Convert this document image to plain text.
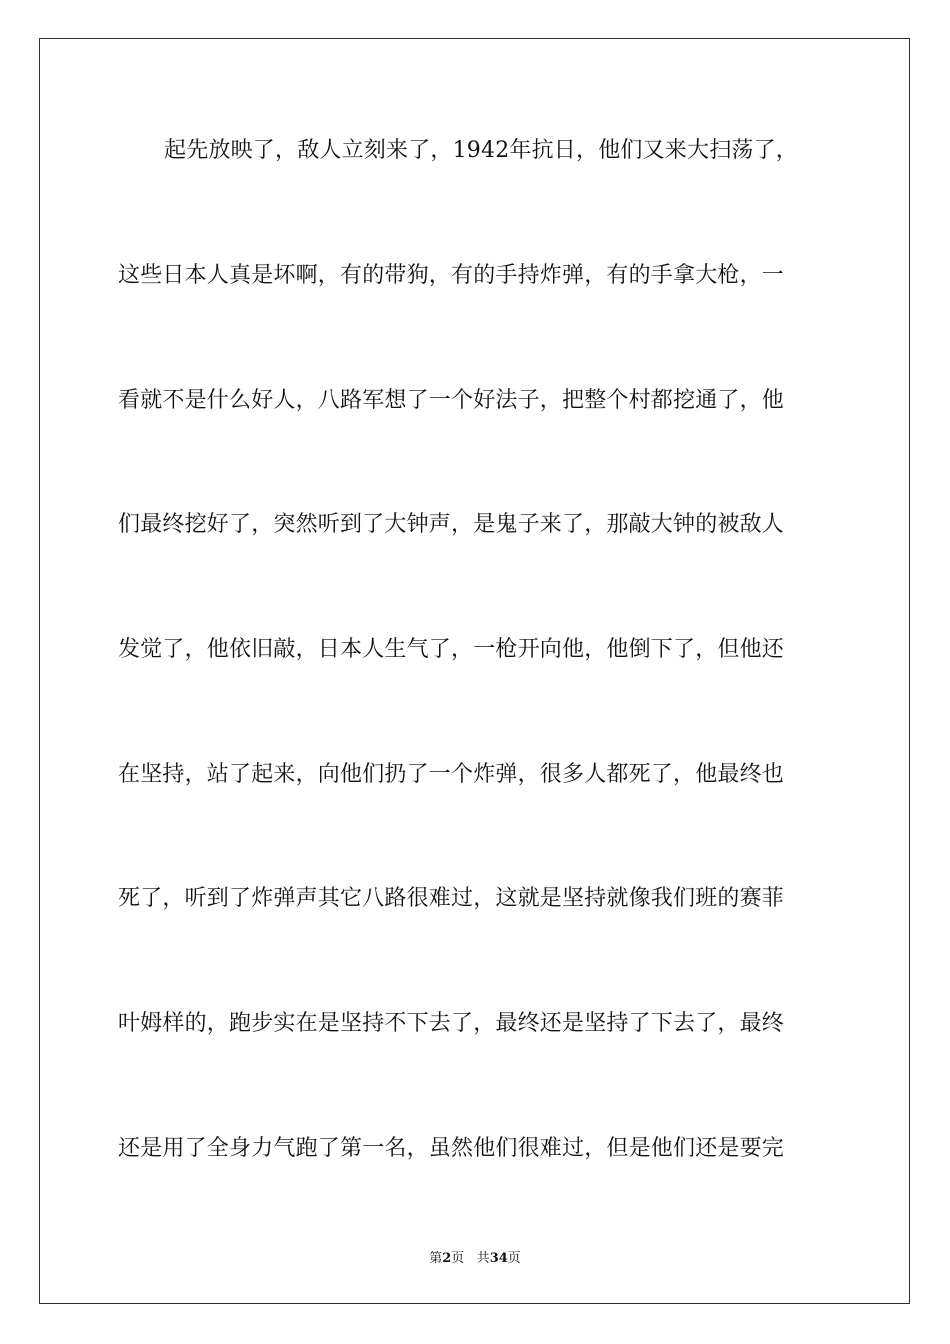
起先放映了，敌人立刻来了，1942年抗日，他们又来大扫荡了，
这些日本人真是坏啊，有的带狗，有的手持炸弹，有的手拿大枪，一
看就不是什么好人，八路军想了一个好法子，把整个村都挖通了，他
们最终挖好了，突然听到了大钟声，是鬼子来了，那敲大钟的被敌人
发觉了，他依旧敲，日本人生气了，一枪开向他，他倒下了，但他还
在坚持，站了起来，向他们扔了一个炸弹，很多人都死了，他最终也
死了，听到了炸弹声其它八路很难过，这就是坚持就像我们班的赛菲
叶姆样的，跑步实在是坚持不下去了，最终还是坚持了下去了，最终
还是用了全身力气跑了第一名，虽然他们很难过，但是他们还是要完
第2页 共34页
